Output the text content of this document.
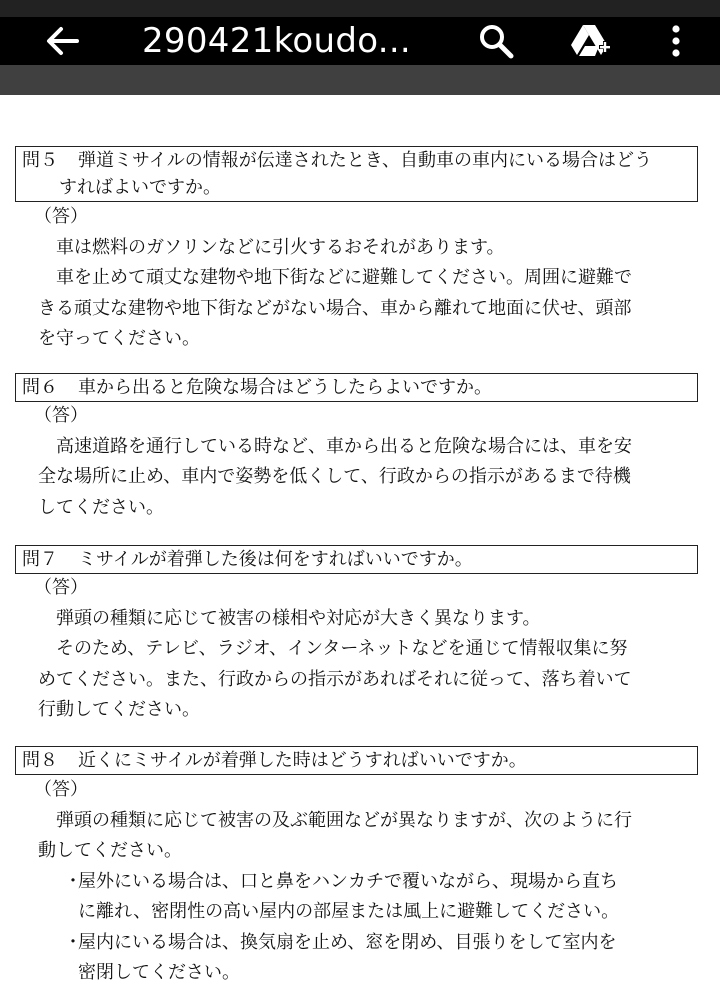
290421koudo...
問５ 弾道ミサイルの情報が伝達されたとき、自動車の車内にいる場合はどう
すればよいですか。
（答）

車は燃料のガソリンなどに引火するおそれがあります。

車を止めて頑丈な建物や地下街などに避難してください。周囲に避難で

きる頑丈な建物や地下街などがない場合、車から離れて地面に伏せ、頭部

を守ってください。

問６ 車から出ると危険な場合はどうしたらよいですか。
（答）

高速道路を通行している時など、車から出ると危険な場合には、車を安

全な場所に止め、車内で姿勢を低くして、行政からの指示があるまで待機

してください。

問７ ミサイルが着弾した後は何をすればいいですか。
（答）

弾頭の種類に応じて被害の様相や対応が大きく異なります。

そのため、テレビ、ラジオ、インターネットなどを通じて情報収集に努

めてください。また、行政からの指示があればそれに従って、落ち着いて

行動してください。

問８ 近くにミサイルが着弾した時はどうすればいいですか。
（答）

弾頭の種類に応じて被害の及ぶ範囲などが異なりますが、次のように行

動してください。

・
屋外にいる場合は、口と鼻をハンカチで覆いながら、現場から直ち

に離れ、密閉性の高い屋内の部屋または風上に避難してください。

・
屋内にいる場合は、換気扇を止め、窓を閉め、目張りをして室内を

密閉してください。
